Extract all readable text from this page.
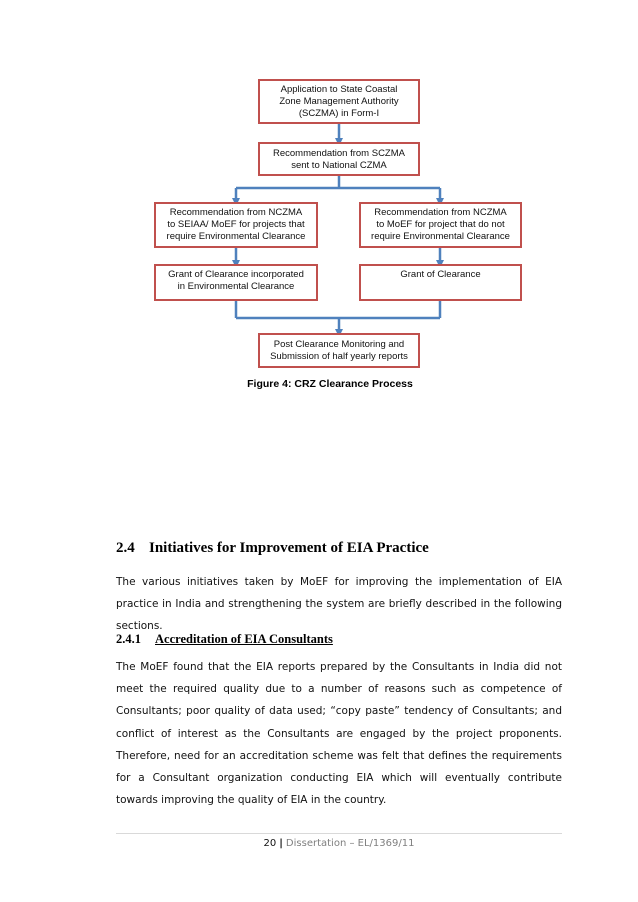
Application to State Coastal
Zone Management Authority
(SCZMA) in Form-I
Recommendation from SCZMA
sent to National CZMA
Recommendation from NCZMA
to SEIAA/ MoEF for projects that
require Environmental Clearance
Recommendation from NCZMA
to MoEF for project that do not
require Environmental Clearance
Grant of Clearance incorporated
in Environmental Clearance
Grant of Clearance
Post Clearance Monitoring and
Submission of half yearly reports
Figure 4: CRZ Clearance Process
2.4 Initiatives for Improvement of EIA Practice
The various initiatives taken by MoEF for improving the implementation of EIA practice in India and strengthening the system are briefly described in the following sections.
2.4.1 Accreditation of EIA Consultants
The MoEF found that the EIA reports prepared by the Consultants in India did not meet the required quality due to a number of reasons such as competence of Consultants; poor quality of data used; “copy paste” tendency of Consultants; and conflict of interest as the Consultants are engaged by the project proponents. Therefore, need for an accreditation scheme was felt that defines the requirements for a Consultant organization conducting EIA which will eventually contribute towards improving the quality of EIA in the country.
20 | Dissertation – EL/1369/11
